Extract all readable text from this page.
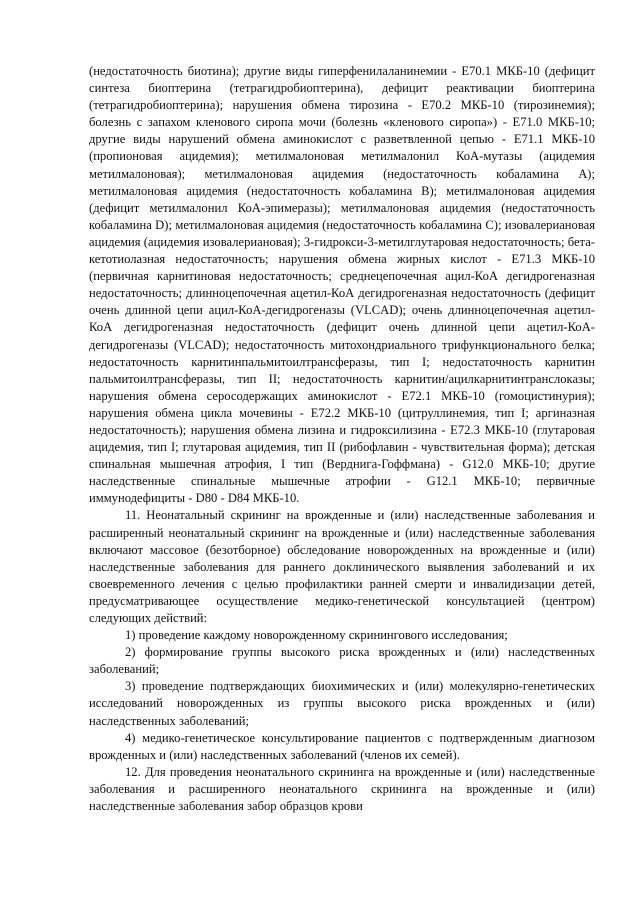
(недостаточность биотина); другие виды гиперфенилаланинемии - E70.1 МКБ-10 (дефицит синтеза биоптерина (тетрагидробиоптерина), дефицит реактивации биоптерина (тетрагидробиоптерина); нарушения обмена тирозина - E70.2 МКБ-10 (тирозинемия); болезнь с запахом кленового сиропа мочи (болезнь «кленового сиропа») - E71.0 МКБ-10; другие виды нарушений обмена аминокислот с разветвленной цепью - E71.1 МКБ-10 (пропионовая ацидемия); метилмалоновая метилмалонил КоА-мутазы (ацидемия метилмалоновая); метилмалоновая ацидемия (недостаточность кобаламина A); метилмалоновая ацидемия (недостаточность кобаламина B); метилмалоновая ацидемия (дефицит метилмалонил КоА-эпимеразы); метилмалоновая ацидемия (недостаточность кобаламина D); метилмалоновая ацидемия (недостаточность кобаламина C); изовалериановая ацидемия (ацидемия изовалериановая); 3-гидрокси-3-метилглутаровая недостаточность; бета-кетотиолазная недостаточность; нарушения обмена жирных кислот - E71.3 МКБ-10 (первичная карнитиновая недостаточность; среднецепочечная ацил-КоА дегидрогеназная недостаточность; длинноцепочечная ацетил-КоА дегидрогеназная недостаточность (дефицит очень длинной цепи ацил-КоА-дегидрогеназы (VLCAD); очень длинноцепочечная ацетил-КоА дегидрогеназная недостаточность (дефицит очень длинной цепи ацетил-КоА-дегидрогеназы (VLCAD); недостаточность митохондриального трифункционального белка; недостаточность карнитинпальмитоилтрансферазы, тип I; недостаточность карнитин пальмитоилтрансферазы, тип II; недостаточность карнитин/ацилкарнитинтранслоказы; нарушения обмена серосодержащих аминокислот - E72.1 МКБ-10 (гомоцистинурия); нарушения обмена цикла мочевины - E72.2 МКБ-10 (цитруллинемия, тип I; аргиназная недостаточность); нарушения обмена лизина и гидроксилизина - E72.3 МКБ-10 (глутаровая ацидемия, тип I; глутаровая ацидемия, тип II (рибофлавин - чувствительная форма); детская спинальная мышечная атрофия, I тип (Верднига-Гоффмана) - G12.0 МКБ-10; другие наследственные спинальные мышечные атрофии - G12.1 МКБ-10; первичные иммунодефициты - D80 - D84 МКБ-10.

11. Неонатальный скрининг на врожденные и (или) наследственные заболевания и расширенный неонатальный скрининг на врожденные и (или) наследственные заболевания включают массовое (безотборное) обследование новорожденных на врожденные и (или) наследственные заболевания для раннего доклинического выявления заболеваний и их своевременного лечения с целью профилактики ранней смерти и инвалидизации детей, предусматривающее осуществление медико-генетической консультацией (центром) следующих действий:

1) проведение каждому новорожденному скринингового исследования;

2) формирование группы высокого риска врожденных и (или) наследственных заболеваний;

3) проведение подтверждающих биохимических и (или) молекулярно-генетических исследований новорожденных из группы высокого риска врожденных и (или) наследственных заболеваний;

4) медико-генетическое консультирование пациентов с подтвержденным диагнозом врожденных и (или) наследственных заболеваний (членов их семей).

12. Для проведения неонатального скрининга на врожденные и (или) наследственные заболевания и расширенного неонатального скрининга на врожденные и (или) наследственные заболевания забор образцов крови
